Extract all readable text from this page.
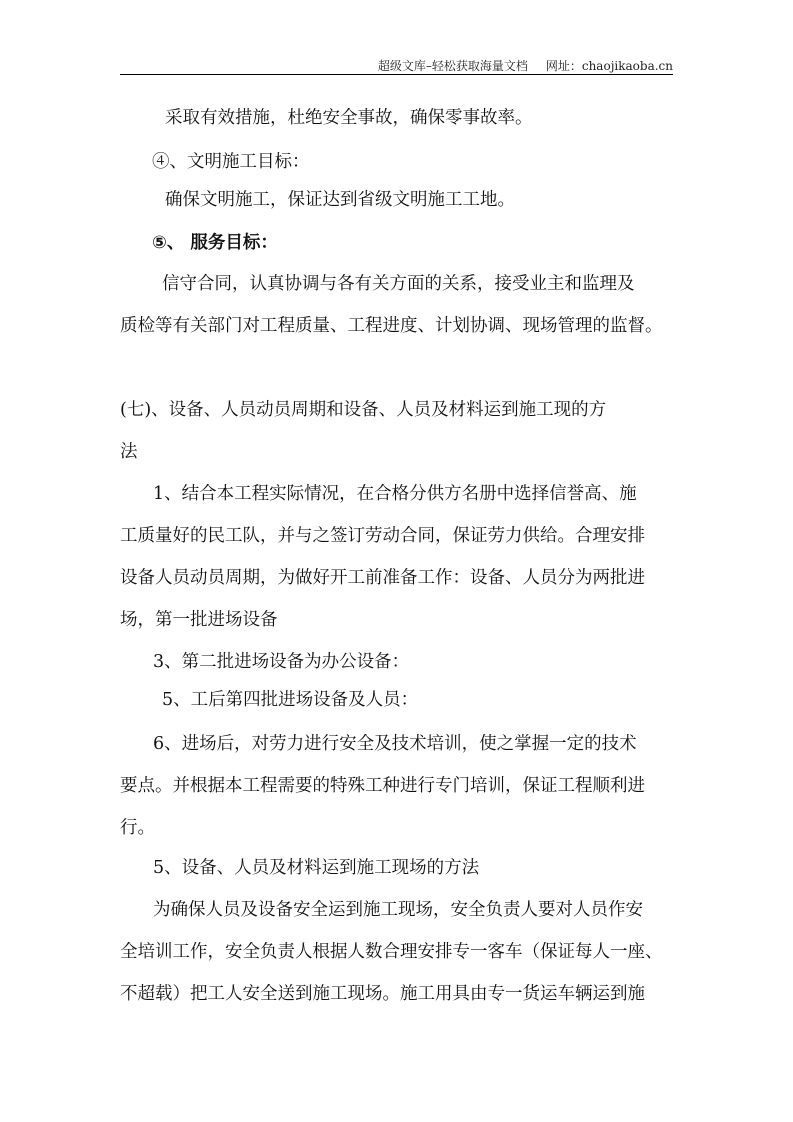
超级文库–轻松获取海量文档 网址：chaojikaoba.cn
采取有效措施，杜绝安全事故，确保零事故率。
④、文明施工目标：
确保文明施工，保证达到省级文明施工工地。
⑤、 服务目标：
信守合同，认真协调与各有关方面的关系，接受业主和监理及
质检等有关部门对工程质量、工程进度、计划协调、现场管理的监督。
(七)、设备、人员动员周期和设备、人员及材料运到施工现的方
法
1、结合本工程实际情况，在合格分供方名册中选择信誉高、施
工质量好的民工队，并与之签订劳动合同，保证劳力供给。合理安排
设备人员动员周期，为做好开工前准备工作：设备、人员分为两批进
场，第一批进场设备
3、第二批进场设备为办公设备：
5、工后第四批进场设备及人员：
6、进场后，对劳力进行安全及技术培训，使之掌握一定的技术
要点。并根据本工程需要的特殊工种进行专门培训，保证工程顺利进
行。
5、设备、人员及材料运到施工现场的方法
为确保人员及设备安全运到施工现场，安全负责人要对人员作安
全培训工作，安全负责人根据人数合理安排专一客车（保证每人一座、
不超载）把工人安全送到施工现场。施工用具由专一货运车辆运到施
